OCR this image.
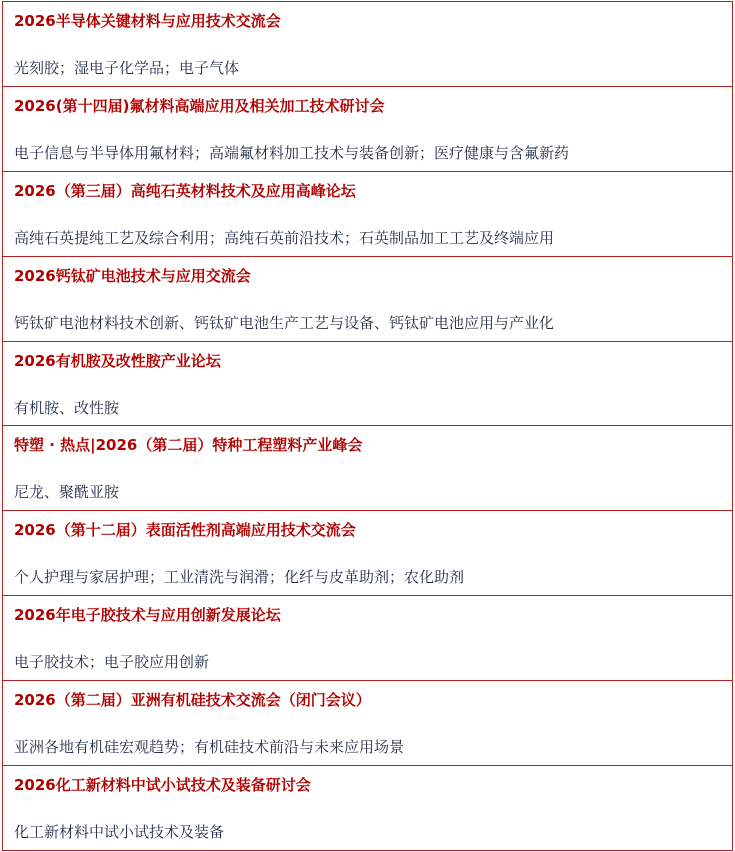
2026半导体关键材料与应用技术交流会
光刻胶；湿电子化学品；电子气体
2026(第十四届)氟材料高端应用及相关加工技术研讨会
电子信息与半导体用氟材料；高端氟材料加工技术与装备创新；医疗健康与含氟新药
2026（第三届）高纯石英材料技术及应用高峰论坛
高纯石英提纯工艺及综合利用；高纯石英前沿技术；石英制品加工工艺及终端应用
2026钙钛矿电池技术与应用交流会
钙钛矿电池材料技术创新、钙钛矿电池生产工艺与设备、钙钛矿电池应用与产业化
2026有机胺及改性胺产业论坛
有机胺、改性胺
特塑 · 热点|2026（第二届）特种工程塑料产业峰会
尼龙、聚酰亚胺
2026（第十二届）表面活性剂高端应用技术交流会
个人护理与家居护理；工业清洗与润滑；化纤与皮革助剂；农化助剂
2026年电子胶技术与应用创新发展论坛
电子胶技术；电子胶应用创新
2026（第二届）亚洲有机硅技术交流会（闭门会议）
亚洲各地有机硅宏观趋势；有机硅技术前沿与未来应用场景
2026化工新材料中试小试技术及装备研讨会
化工新材料中试小试技术及装备
